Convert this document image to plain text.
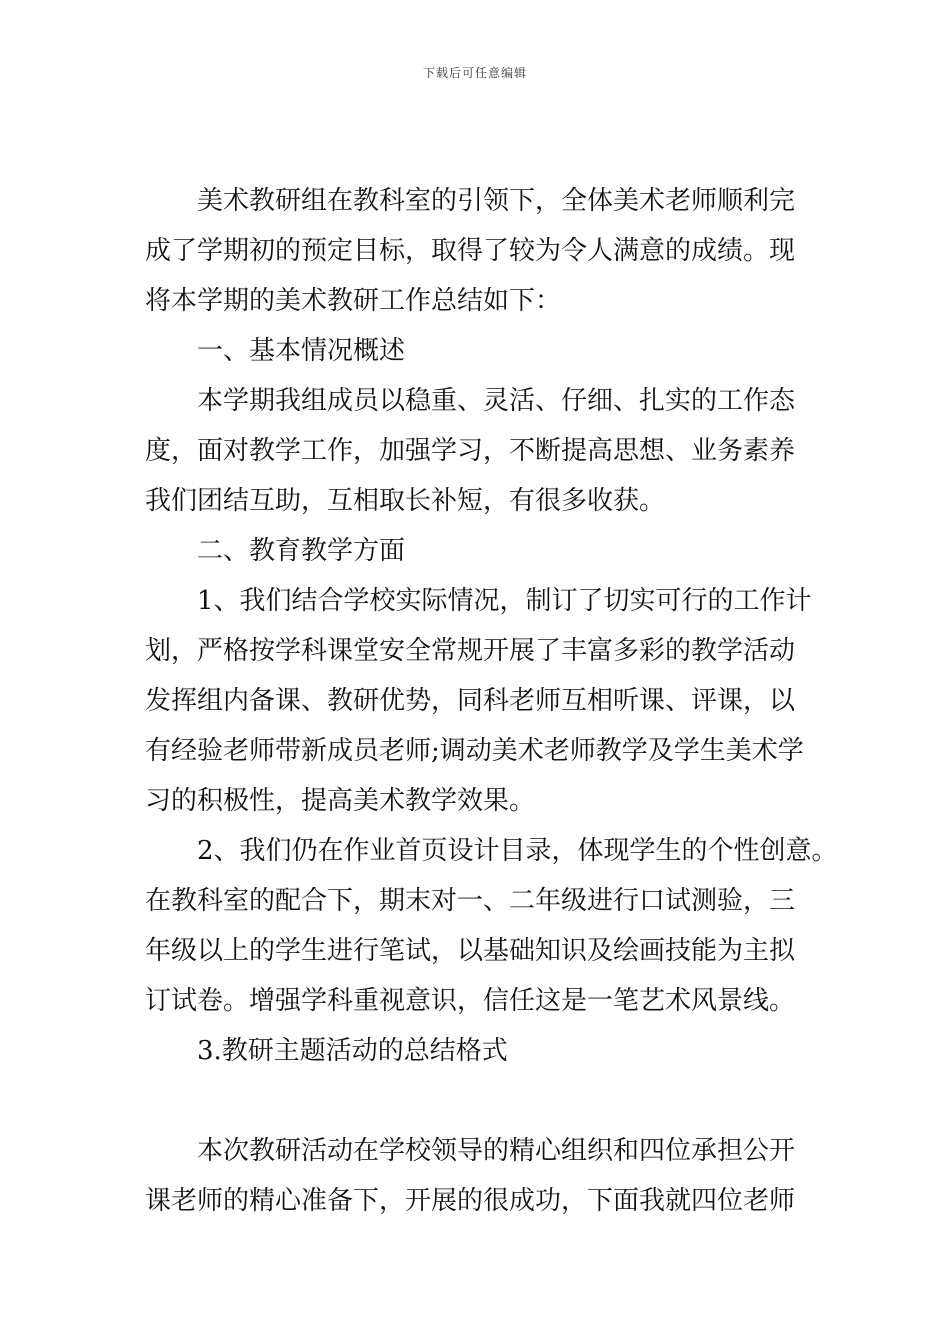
下载后可任意编辑
美术教研组在教科室的引领下，全体美术老师顺利完
成了学期初的预定目标，取得了较为令人满意的成绩。现
将本学期的美术教研工作总结如下：
一、基本情况概述
本学期我组成员以稳重、灵活、仔细、扎实的工作态
度，面对教学工作，加强学习，不断提高思想、业务素养
我们团结互助，互相取长补短，有很多收获。
二、教育教学方面
1、我们结合学校实际情况，制订了切实可行的工作计
划，严格按学科课堂安全常规开展了丰富多彩的教学活动
发挥组内备课、教研优势，同科老师互相听课、评课，以
有经验老师带新成员老师;调动美术老师教学及学生美术学
习的积极性，提高美术教学效果。
2、我们仍在作业首页设计目录，体现学生的个性创意。
在教科室的配合下，期末对一、二年级进行口试测验，三
年级以上的学生进行笔试，以基础知识及绘画技能为主拟
订试卷。增强学科重视意识，信任这是一笔艺术风景线。
3.教研主题活动的总结格式
本次教研活动在学校领导的精心组织和四位承担公开
课老师的精心准备下，开展的很成功，下面我就四位老师
